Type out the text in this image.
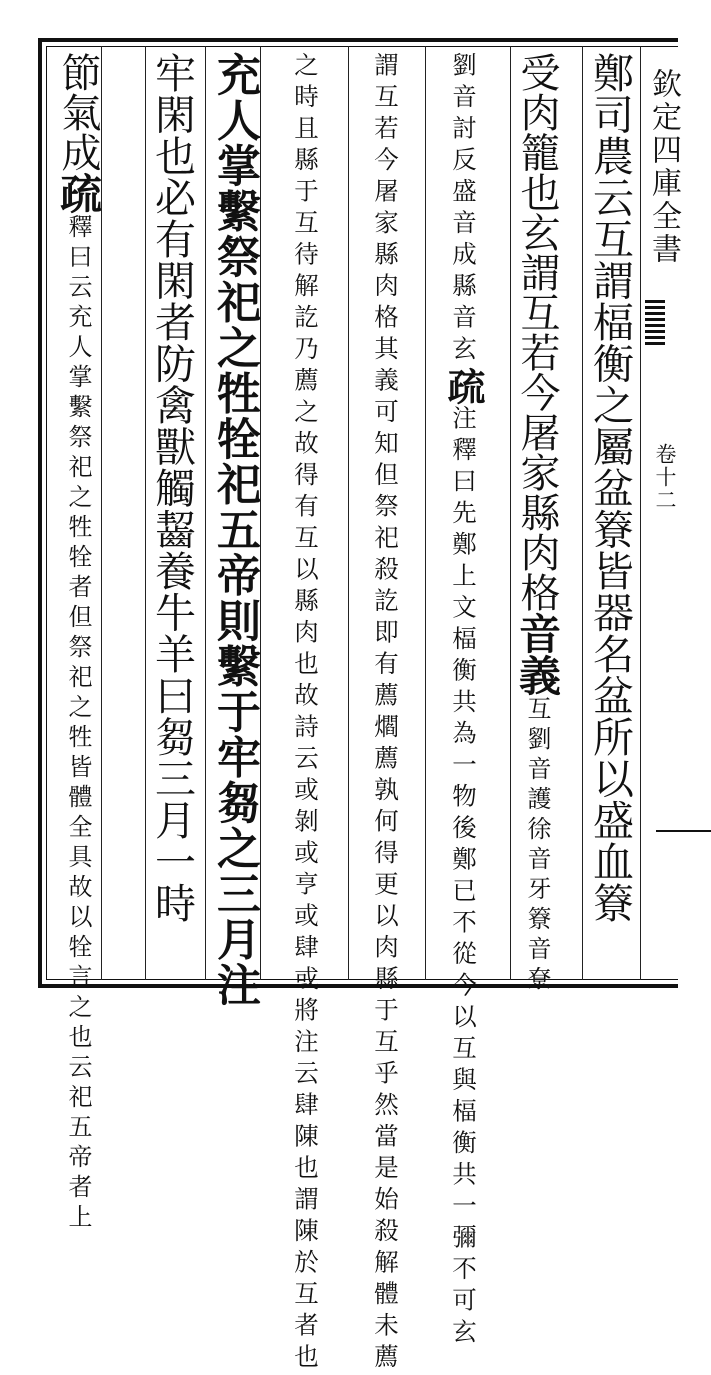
欽定四庫全書
卷十二
鄭司農云互謂楅衡之屬盆簝皆器名盆所以盛血簝
受肉籠也玄謂互若今屠家縣肉格音義互劉音護徐音牙簝音尞
劉音討反盛音成縣音玄疏注釋曰先鄭上文楅衡共為一物後鄭已不從今以互與楅衡共一彌不可玄
謂互若今屠家縣肉格其義可知但祭祀殺訖即有薦爓薦孰何得更以肉縣于互乎然當是始殺解體未薦
之時且縣于互待解訖乃薦之故得有互以縣肉也故詩云或剝或亨或肆或將注云肆陳也謂陳於互者也
充人掌繫祭祀之牲牷祀五帝則繫于牢芻之三月注
牢閑也必有閑者防禽獸觸齧養牛羊曰芻三月一時
節氣成疏釋曰云充人掌繫祭祀之牲牷者但祭祀之牲皆體全具故以牷言之也云祀五帝者上
